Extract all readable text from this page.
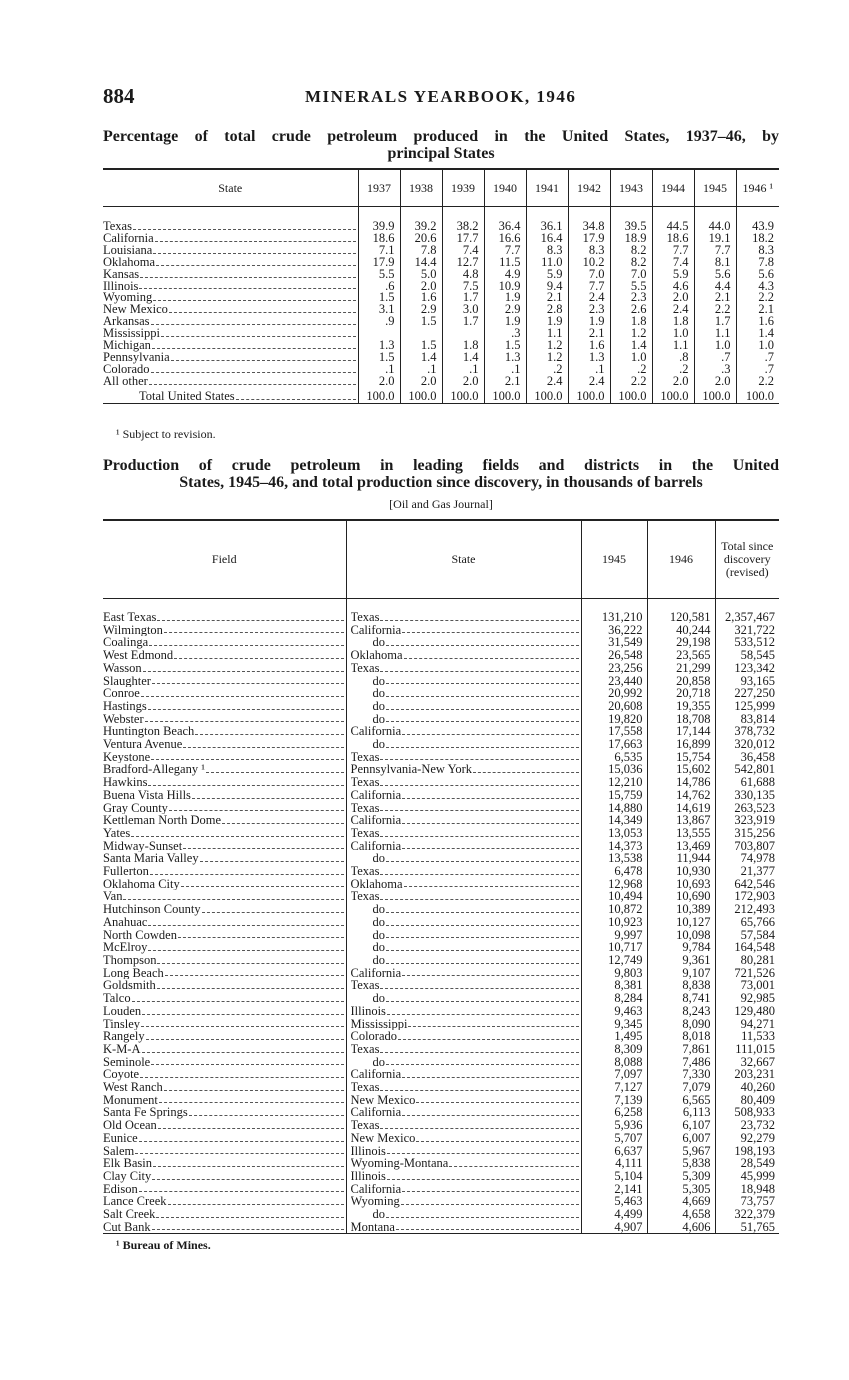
884	MINERALS YEARBOOK, 1946
Percentage of total crude petroleum produced in the United States, 1937–46, by
principal States
State	1937	1938	1939	1940	1941	1942	1943	1944	1945	1946 ¹

Texas	39.9	39.2	38.2	36.4	36.1	34.8	39.5	44.5	44.0	43.9

California	18.6	20.6	17.7	16.6	16.4	17.9	18.9	18.6	19.1	18.2

Louisiana	7.1	7.8	7.4	7.7	8.3	8.3	8.2	7.7	7.7	8.3

Oklahoma	17.9	14.4	12.7	11.5	11.0	10.2	8.2	7.4	8.1	7.8

Kansas	5.5	5.0	4.8	4.9	5.9	7.0	7.0	5.9	5.6	5.6

Illinois	.6	2.0	7.5	10.9	9.4	7.7	5.5	4.6	4.4	4.3

Wyoming	1.5	1.6	1.7	1.9	2.1	2.4	2.3	2.0	2.1	2.2

New Mexico	3.1	2.9	3.0	2.9	2.8	2.3	2.6	2.4	2.2	2.1

Arkansas	.9	1.5	1.7	1.9	1.9	1.9	1.8	1.8	1.7	1.6

Mississippi				.3	1.1	2.1	1.2	1.0	1.1	1.4

Michigan	1.3	1.5	1.8	1.5	1.2	1.6	1.4	1.1	1.0	1.0

Pennsylvania	1.5	1.4	1.4	1.3	1.2	1.3	1.0	.8	.7	.7

Colorado	.1	.1	.1	.1	.2	.1	.2	.2	.3	.7

All other	2.0	2.0	2.0	2.1	2.4	2.4	2.2	2.0	2.0	2.2

Total United States	100.0	100.0	100.0	100.0	100.0	100.0	100.0	100.0	100.0	100.0
¹ Subject to revision.
Production of crude petroleum in leading fields and districts in the United
States, 1945–46, and total production since discovery, in thousands of barrels
[Oil and Gas Journal]
Field	State	1945	1946	Total since discovery (revised)

East Texas	Texas	131,210	120,581	2,357,467

Wilmington	California	36,222	40,244	321,722

Coalinga	do	31,549	29,198	533,512

West Edmond	Oklahoma	26,548	23,565	58,545

Wasson	Texas	23,256	21,299	123,342

Slaughter	do	23,440	20,858	93,165

Conroe	do	20,992	20,718	227,250

Hastings	do	20,608	19,355	125,999

Webster	do	19,820	18,708	83,814

Huntington Beach	California	17,558	17,144	378,732

Ventura Avenue	do	17,663	16,899	320,012

Keystone	Texas	6,535	15,754	36,458

Bradford-Allegany ¹	Pennsylvania-New York	15,036	15,602	542,801

Hawkins	Texas	12,210	14,786	61,688

Buena Vista Hills	California	15,759	14,762	330,135

Gray County	Texas	14,880	14,619	263,523

Kettleman North Dome	California	14,349	13,867	323,919

Yates	Texas	13,053	13,555	315,256

Midway-Sunset	California	14,373	13,469	703,807

Santa Maria Valley	do	13,538	11,944	74,978

Fullerton	Texas	6,478	10,930	21,377

Oklahoma City	Oklahoma	12,968	10,693	642,546

Van	Texas	10,494	10,690	172,903

Hutchinson County	do	10,872	10,389	212,493

Anahuac	do	10,923	10,127	65,766

North Cowden	do	9,997	10,098	57,584

McElroy	do	10,717	9,784	164,548

Thompson	do	12,749	9,361	80,281

Long Beach	California	9,803	9,107	721,526

Goldsmith	Texas	8,381	8,838	73,001

Talco	do	8,284	8,741	92,985

Louden	Illinois	9,463	8,243	129,480

Tinsley	Mississippi	9,345	8,090	94,271

Rangely	Colorado	1,495	8,018	11,533

K-M-A	Texas	8,309	7,861	111,015

Seminole	do	8,088	7,486	32,667

Coyote	California	7,097	7,330	203,231

West Ranch	Texas	7,127	7,079	40,260

Monument	New Mexico	7,139	6,565	80,409

Santa Fe Springs	California	6,258	6,113	508,933

Old Ocean	Texas	5,936	6,107	23,732

Eunice	New Mexico	5,707	6,007	92,279

Salem	Illinois	6,637	5,967	198,193

Elk Basin	Wyoming-Montana	4,111	5,838	28,549

Clay City	Illinois	5,104	5,309	45,999

Edison	California	2,141	5,305	18,948

Lance Creek	Wyoming	5,463	4,669	73,757

Salt Creek	do	4,499	4,658	322,379

Cut Bank	Montana	4,907	4,606	51,765
¹ Bureau of Mines.
